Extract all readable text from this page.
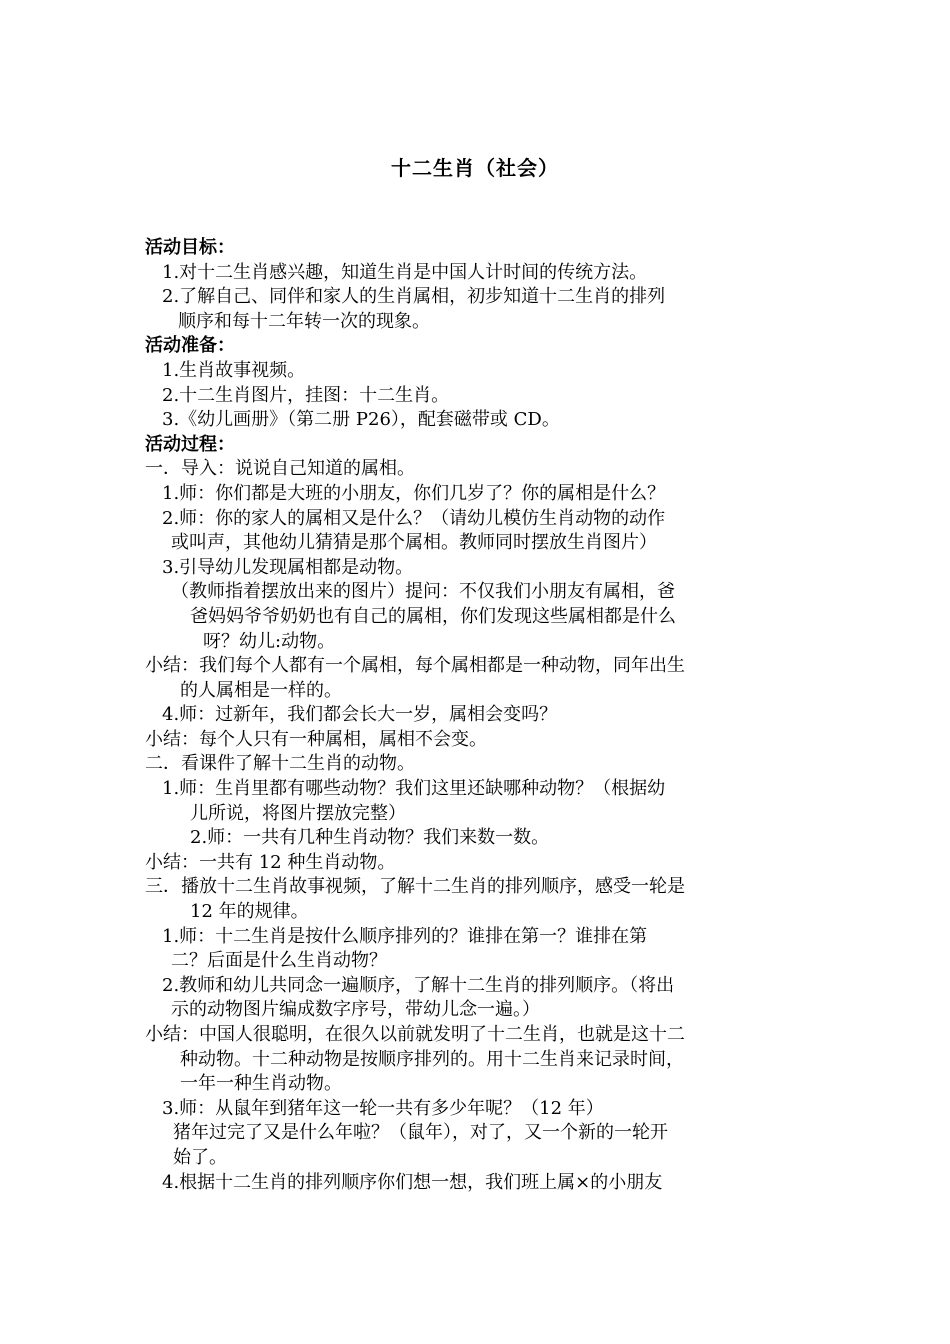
十二生肖（社会）
活动目标：
1.对十二生肖感兴趣，知道生肖是中国人计时间的传统方法。
2.了解自己、同伴和家人的生肖属相，初步知道十二生肖的排列
顺序和每十二年转一次的现象。
活动准备：
1.生肖故事视频。
2.十二生肖图片，挂图：十二生肖。
3.《幼儿画册》（第二册 P26），配套磁带或 CD。
活动过程：
一．导入：说说自己知道的属相。
1.师：你们都是大班的小朋友，你们几岁了？你的属相是什么？
2.师：你的家人的属相又是什么？（请幼儿模仿生肖动物的动作
或叫声，其他幼儿猜猜是那个属相。教师同时摆放生肖图片）
3.引导幼儿发现属相都是动物。
（教师指着摆放出来的图片）提问：不仅我们小朋友有属相，爸
爸妈妈爷爷奶奶也有自己的属相，你们发现这些属相都是什么
呀？幼儿:动物。
小结：我们每个人都有一个属相，每个属相都是一种动物，同年出生
的人属相是一样的。
4.师：过新年，我们都会长大一岁，属相会变吗？
小结：每个人只有一种属相，属相不会变。
二．看课件了解十二生肖的动物。
1.师：生肖里都有哪些动物？我们这里还缺哪种动物？（根据幼
儿所说，将图片摆放完整）
2.师：一共有几种生肖动物？我们来数一数。
小结：一共有 12 种生肖动物。
三．播放十二生肖故事视频，了解十二生肖的排列顺序，感受一轮是
12 年的规律。
1.师：十二生肖是按什么顺序排列的？谁排在第一？谁排在第
二？后面是什么生肖动物？
2.教师和幼儿共同念一遍顺序，了解十二生肖的排列顺序。（将出
示的动物图片编成数字序号，带幼儿念一遍。）
小结：中国人很聪明，在很久以前就发明了十二生肖，也就是这十二
种动物。十二种动物是按顺序排列的。用十二生肖来记录时间，
一年一种生肖动物。
3.师：从鼠年到猪年这一轮一共有多少年呢？（12 年）
猪年过完了又是什么年啦？（鼠年），对了，又一个新的一轮开
始了。
4.根据十二生肖的排列顺序你们想一想，我们班上属×的小朋友
